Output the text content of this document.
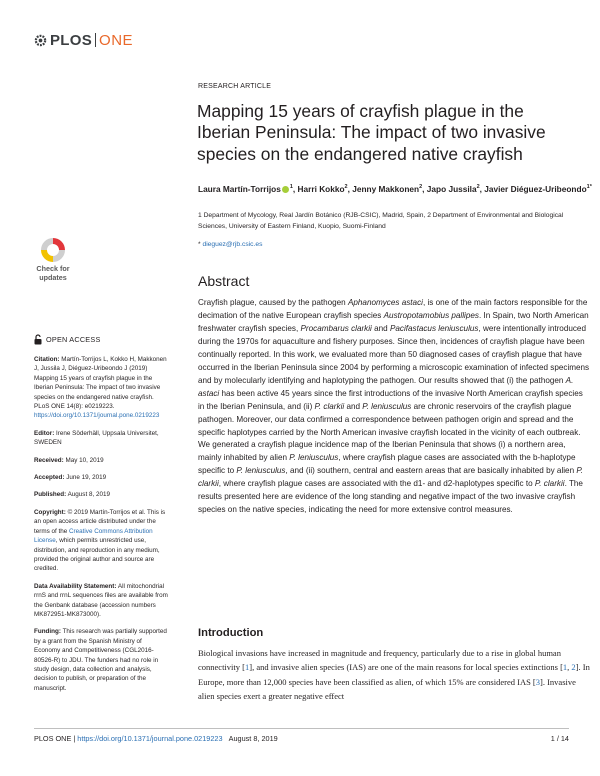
PLOS ONE
RESEARCH ARTICLE
Mapping 15 years of crayfish plague in the Iberian Peninsula: The impact of two invasive species on the endangered native crayfish
Laura Martín-Torrijos $^1$, Harri Kokko$^2$, Jenny Makkonen$^2$, Japo Jussila$^2$, Javier Diéguez-Uribeondo$^{1*}$
1 Department of Mycology, Real Jardín Botánico (RJB-CSIC), Madrid, Spain, 2 Department of Environmental and Biological Sciences, University of Eastern Finland, Kuopio, Suomi-Finland
* dieguez@rjb.csic.es
Check for
updates
OPEN ACCESS

Citation: Martín-Torrijos L, Kokko H, Makkonen J, Jussila J, Diéguez-Uribeondo J (2019) Mapping 15 years of crayfish plague in the Iberian Peninsula: The impact of two invasive species on the endangered native crayfish. PLoS ONE 14(8): e0219223. https://doi.org/10.1371/journal.pone.0219223

Editor: Irene Söderhäll, Uppsala Universitet, SWEDEN

Received: May 10, 2019

Accepted: June 19, 2019

Published: August 8, 2019

Copyright: © 2019 Martín-Torrijos et al. This is an open access article distributed under the terms of the Creative Commons Attribution License, which permits unrestricted use, distribution, and reproduction in any medium, provided the original author and source are credited.

Data Availability Statement: All mitochondrial rrnS and rrnL sequences files are available from the Genbank database (accession numbers MK872951-MK873000).

Funding: This research was partially supported by a grant from the Spanish Ministry of Economy and Competitiveness (CGL2016-80526-R) to JDU. The funders had no role in study design, data collection and analysis, decision to publish, or preparation of the manuscript.

Abstract

Crayfish plague, caused by the pathogen Aphanomyces astaci, is one of the main factors responsible for the decimation of the native European crayfish species Austropotamobius pallipes. In Spain, two North American freshwater crayfish species, Procambarus clarkii and Pacifastacus leniusculus, were intentionally introduced during the 1970s for aquaculture and fishery purposes. Since then, incidences of crayfish plague have been continually reported. In this work, we evaluated more than 50 diagnosed cases of crayfish plague that have occurred in the Iberian Peninsula since 2004 by performing a microscopic examination of infected specimens and by molecularly identifying and haplotyping the pathogen. Our results showed that (i) the pathogen A. astaci has been active 45 years since the first introductions of the invasive North American crayfish species in the Iberian Peninsula, and (ii) P. clarkii and P. leniusculus are chronic reservoirs of the crayfish plague pathogen. Moreover, our data confirmed a correspondence between pathogen origin and spread and the specific haplotypes carried by the North American invasive crayfish located in the vicinity of each outbreak. We generated a crayfish plague incidence map of the Iberian Peninsula that shows (i) a northern area, mainly inhabited by alien P. leniusculus, where crayfish plague cases are associated with the b-haplotype specific to P. leniusculus, and (ii) southern, central and eastern areas that are basically inhabited by alien P. clarkii, where crayfish plague cases are associated with the d1- and d2-haplotypes specific to P. clarkii. The results presented here are evidence of the long standing and negative impact of the two invasive crayfish species on the native species, indicating the need for more extensive control measures.

Introduction

Biological invasions have increased in magnitude and frequency, particularly due to a rise in global human connectivity [1], and invasive alien species (IAS) are one of the main reasons for local species extinctions [1, 2]. In Europe, more than 12,000 species have been classified as alien, of which 15% are considered IAS [3]. Invasive alien species exert a greater negative effect

PLOS ONE | https://doi.org/10.1371/journal.pone.0219223 August 8, 2019	1 / 14
